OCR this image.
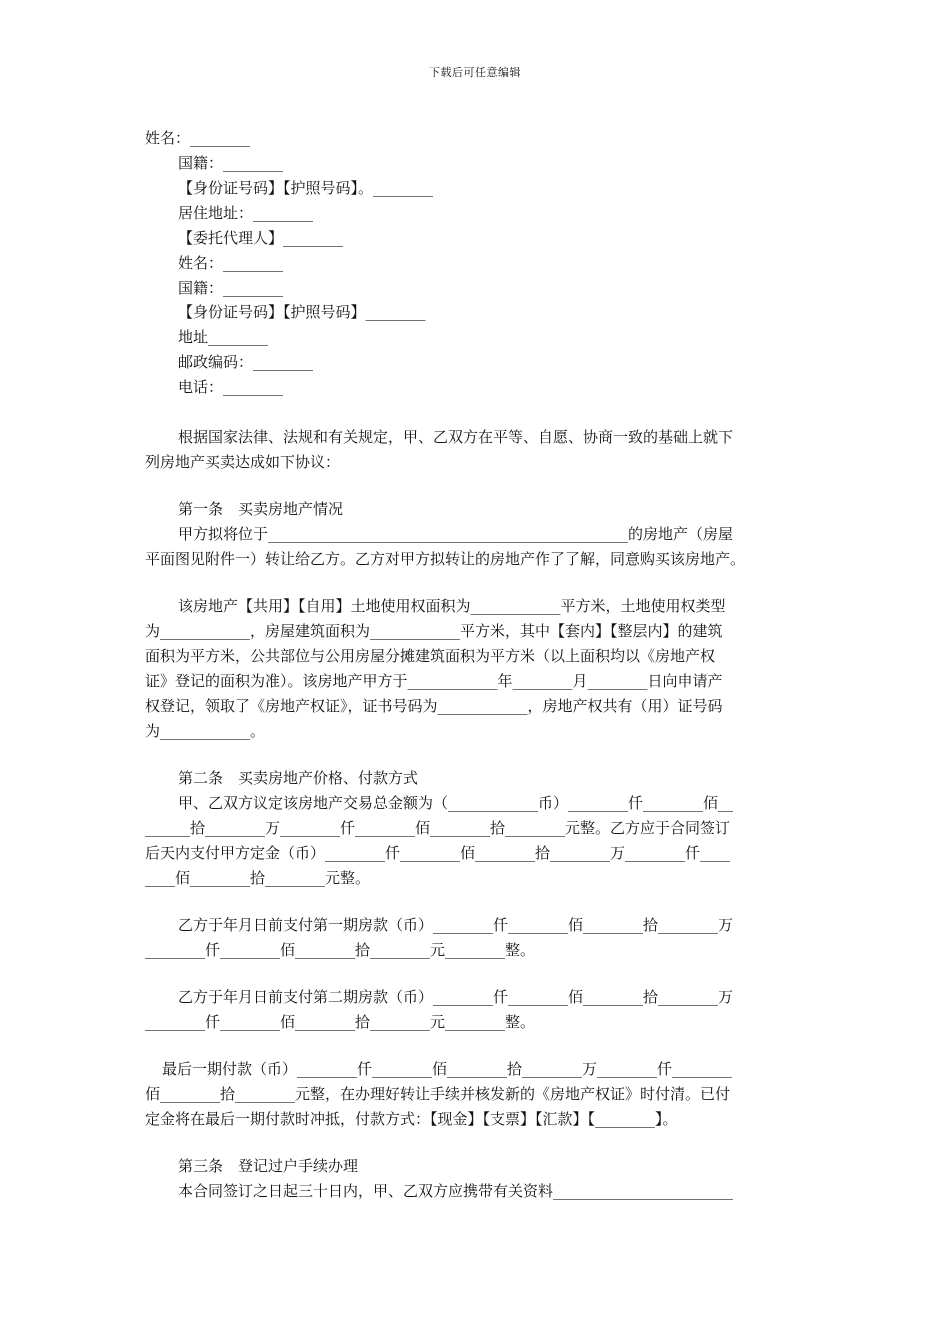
下载后可任意编辑
姓名：________
国籍：________
【身份证号码】【护照号码】。________
居住地址：________
【委托代理人】________
姓名：________
国籍：________
【身份证号码】【护照号码】________
地址________
邮政编码：________
电话：________
根据国家法律、法规和有关规定，甲、乙双方在平等、自愿、协商一致的基础上就下
列房地产买卖达成如下协议：
第一条　买卖房地产情况
甲方拟将位于________________________________________________的房地产（房屋
平面图见附件一）转让给乙方。乙方对甲方拟转让的房地产作了了解，同意购买该房地产。
该房地产【共用】【自用】土地使用权面积为____________平方米，土地使用权类型
为____________，房屋建筑面积为____________平方米，其中【套内】【整层内】的建筑
面积为平方米，公共部位与公用房屋分摊建筑面积为平方米（以上面积均以《房地产权
证》登记的面积为准）。该房地产甲方于____________年________月________日向申请产
权登记，领取了《房地产权证》，证书号码为____________，房地产权共有（用）证号码
为____________。
第二条　买卖房地产价格、付款方式
甲、乙双方议定该房地产交易总金额为（____________币）________仟________佰__
______拾________万________仟________佰________拾________元整。乙方应于合同签订
后天内支付甲方定金（币）________仟________佰________拾________万________仟____
____佰________拾________元整。
乙方于年月日前支付第一期房款（币）________仟________佰________拾________万
________仟________佰________拾________元________整。
乙方于年月日前支付第二期房款（币）________仟________佰________拾________万
________仟________佰________拾________元________整。
最后一期付款（币）________仟________佰________拾________万________仟________
佰________拾________元整，在办理好转让手续并核发新的《房地产权证》时付清。已付
定金将在最后一期付款时冲抵，付款方式：【现金】【支票】【汇款】【________】。
第三条　登记过户手续办理
本合同签订之日起三十日内，甲、乙双方应携带有关资料________________________
